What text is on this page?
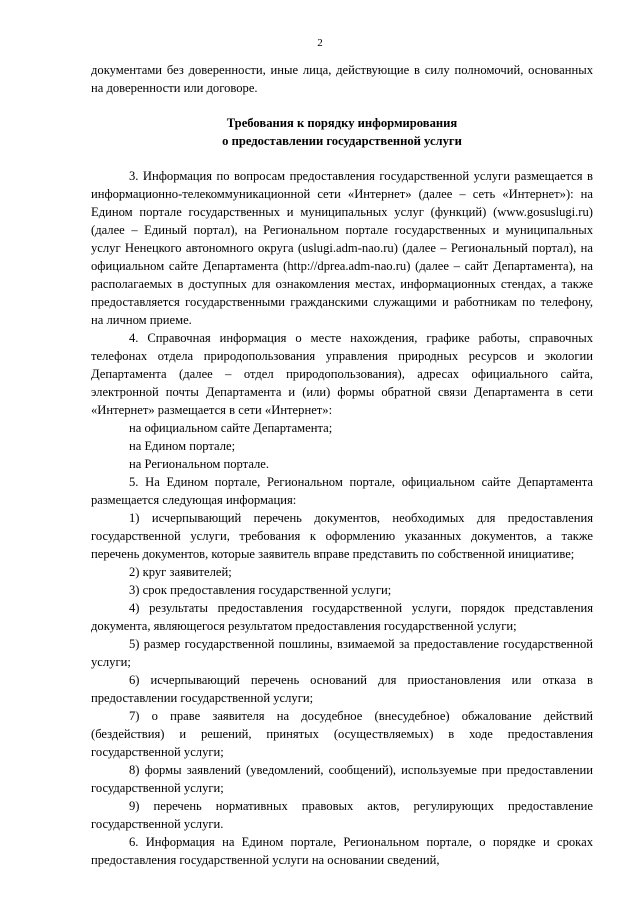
2

документами без доверенности, иные лица, действующие в силу полномочий, основанных на доверенности или договоре.

Требования к порядку информирования
о предоставлении государственной услуги

3. Информация по вопросам предоставления государственной услуги размещается в информационно-телекоммуникационной сети «Интернет» (далее – сеть «Интернет»): на Едином портале государственных и муниципальных услуг (функций) (www.gosuslugi.ru) (далее – Единый портал), на Региональном портале государственных и муниципальных услуг Ненецкого автономного округа (uslugi.adm-nao.ru) (далее – Региональный портал), на официальном сайте Департамента (http://dprea.adm-nao.ru) (далее – сайт Департамента), на располагаемых в доступных для ознакомления местах, информационных стендах, а также предоставляется государственными гражданскими служащими и работникам по телефону, на личном приеме.

4. Справочная информация о месте нахождения, графике работы, справочных телефонах отдела природопользования управления природных ресурсов и экологии Департамента (далее – отдел природопользования), адресах официального сайта, электронной почты Департамента и (или) формы обратной связи Департамента в сети «Интернет» размещается в сети «Интернет»:

на официальном сайте Департамента;

на Едином портале;

на Региональном портале.

5. На Едином портале, Региональном портале, официальном сайте Департамента размещается следующая информация:

1) исчерпывающий перечень документов, необходимых для предоставления государственной услуги, требования к оформлению указанных документов, а также перечень документов, которые заявитель вправе представить по собственной инициативе;

2) круг заявителей;

3) срок предоставления государственной услуги;

4) результаты предоставления государственной услуги, порядок представления документа, являющегося результатом предоставления государственной услуги;

5) размер государственной пошлины, взимаемой за предоставление государственной услуги;

6) исчерпывающий перечень оснований для приостановления или отказа в предоставлении государственной услуги;

7) о праве заявителя на досудебное (внесудебное) обжалование действий (бездействия) и решений, принятых (осуществляемых) в ходе предоставления государственной услуги;

8) формы заявлений (уведомлений, сообщений), используемые при предоставлении государственной услуги;

9) перечень нормативных правовых актов, регулирующих предоставление государственной услуги.

6. Информация на Едином портале, Региональном портале, о порядке и сроках предоставления государственной услуги на основании сведений,
